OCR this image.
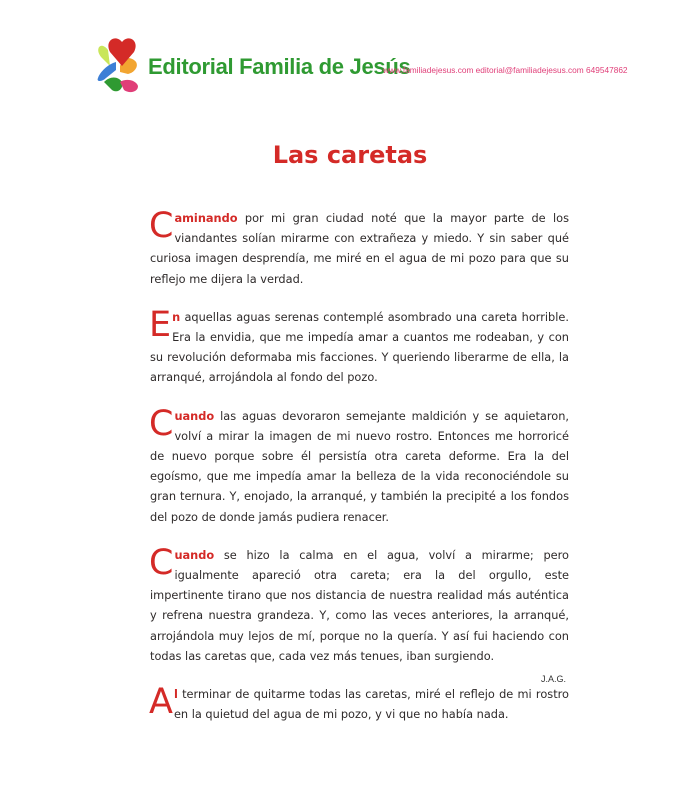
Editorial Familia de Jesús
www.familiadejesus.com editorial@familiadejesus.com 649547862
Las caretas

Caminando por mi gran ciudad noté que la mayor parte de los viandantes solían mirarme con extrañeza y miedo. Y sin saber qué curiosa imagen desprendía, me miré en el agua de mi pozo para que su reflejo me dijera la verdad.

En aquellas aguas serenas contemplé asombrado una careta horrible. Era la envidia, que me impedía amar a cuantos me rodeaban, y con su revolución deformaba mis facciones. Y queriendo liberarme de ella, la arranqué, arrojándola al fondo del pozo.

Cuando las aguas devoraron semejante maldición y se aquietaron, volví a mirar la imagen de mi nuevo rostro. Entonces me horroricé de nuevo porque sobre él persistía otra careta deforme. Era la del egoísmo, que me impedía amar la belleza de la vida reconociéndole su gran ternura. Y, enojado, la arranqué, y también la precipité a los fondos del pozo de donde jamás pudiera renacer.

Cuando se hizo la calma en el agua, volví a mirarme; pero igualmente apareció otra careta; era la del orgullo, este impertinente tirano que nos distancia de nuestra realidad más auténtica y refrena nuestra grandeza. Y, como las veces anteriores, la arranqué, arrojándola muy lejos de mí, porque no la quería. Y así fui haciendo con todas las caretas que, cada vez más tenues, iban surgiendo.

Al terminar de quitarme todas las caretas, miré el reflejo de mi rostro en la quietud del agua de mi pozo, y vi que no había nada.

J.A.G.
